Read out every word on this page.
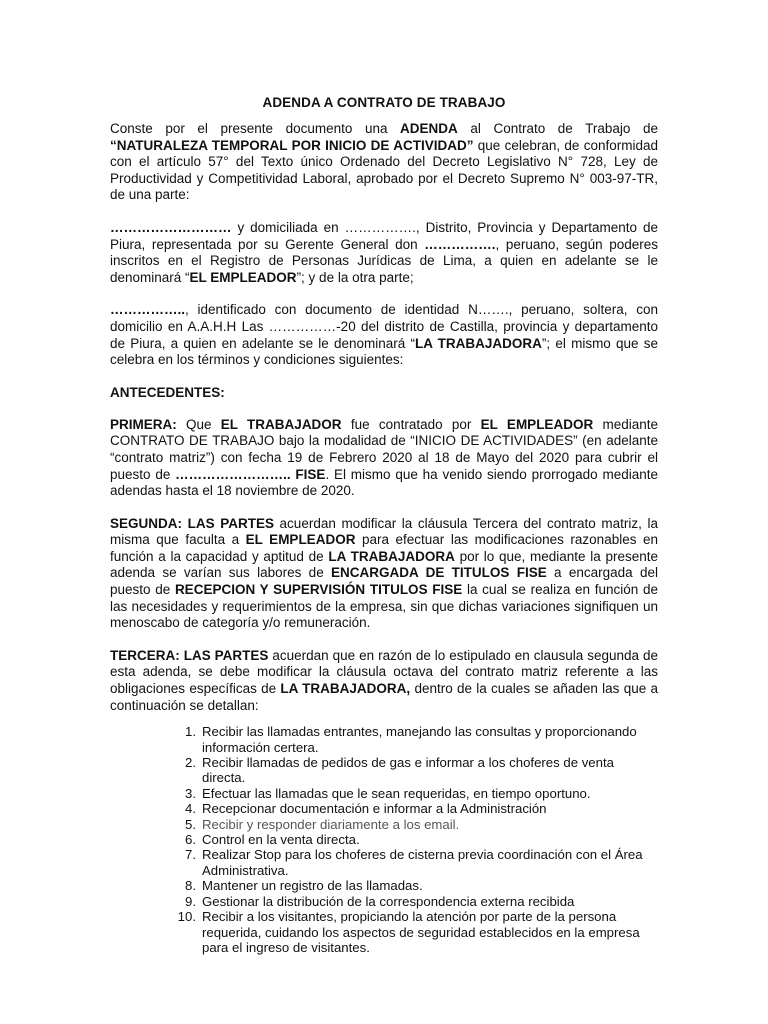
ADENDA A CONTRATO DE TRABAJO

Conste por el presente documento una ADENDA al Contrato de Trabajo de “NATURALEZA TEMPORAL POR INICIO DE ACTIVIDAD” que celebran, de conformidad con el artículo 57° del Texto único Ordenado del Decreto Legislativo N° 728, Ley de Productividad y Competitividad Laboral, aprobado por el Decreto Supremo N° 003-97-TR, de una parte:

……………………… y domiciliada en ……………., Distrito, Provincia y Departamento de Piura, representada por su Gerente General don ……………., peruano, según poderes inscritos en el Registro de Personas Jurídicas de Lima, a quien en adelante se le denominará “EL EMPLEADOR”; y de la otra parte;

…………….., identificado con documento de identidad N……., peruano, soltera, con domicilio en A.A.H.H Las ……………-20 del distrito de Castilla, provincia y departamento de Piura, a quien en adelante se le denominará “LA TRABAJADORA”; el mismo que se celebra en los términos y condiciones siguientes:

ANTECEDENTES:

PRIMERA: Que EL TRABAJADOR fue contratado por EL EMPLEADOR mediante CONTRATO DE TRABAJO bajo la modalidad de “INICIO DE ACTIVIDADES” (en adelante “contrato matriz”) con fecha 19 de Febrero 2020 al 18 de Mayo del 2020 para cubrir el puesto de …………………….. FISE. El mismo que ha venido siendo prorrogado mediante adendas hasta el 18 noviembre de 2020.

SEGUNDA: LAS PARTES acuerdan modificar la cláusula Tercera del contrato matriz, la misma que faculta a EL EMPLEADOR para efectuar las modificaciones razonables en función a la capacidad y aptitud de LA TRABAJADORA por lo que, mediante la presente adenda se varían sus labores de ENCARGADA DE TITULOS FISE a encargada del puesto de RECEPCION Y SUPERVISIÓN TITULOS FISE la cual se realiza en función de las necesidades y requerimientos de la empresa, sin que dichas variaciones signifiquen un menoscabo de categoría y/o remuneración.

TERCERA: LAS PARTES acuerdan que en razón de lo estipulado en clausula segunda de esta adenda, se debe modificar la cláusula octava del contrato matriz referente a las obligaciones específicas de LA TRABAJADORA, dentro de la cuales se añaden las que a continuación se detallan:

1. Recibir las llamadas entrantes, manejando las consultas y proporcionando información certera.
2. Recibir llamadas de pedidos de gas e informar a los choferes de venta directa.
3. Efectuar las llamadas que le sean requeridas, en tiempo oportuno.
4. Recepcionar documentación e informar a la Administración
5. Recibir y responder diariamente a los email.
6. Control en la venta directa.
7. Realizar Stop para los choferes de cisterna previa coordinación con el Área Administrativa.
8. Mantener un registro de las llamadas.
9. Gestionar la distribución de la correspondencia externa recibida
10. Recibir a los visitantes, propiciando la atención por parte de la persona requerida, cuidando los aspectos de seguridad establecidos en la empresa para el ingreso de visitantes.
